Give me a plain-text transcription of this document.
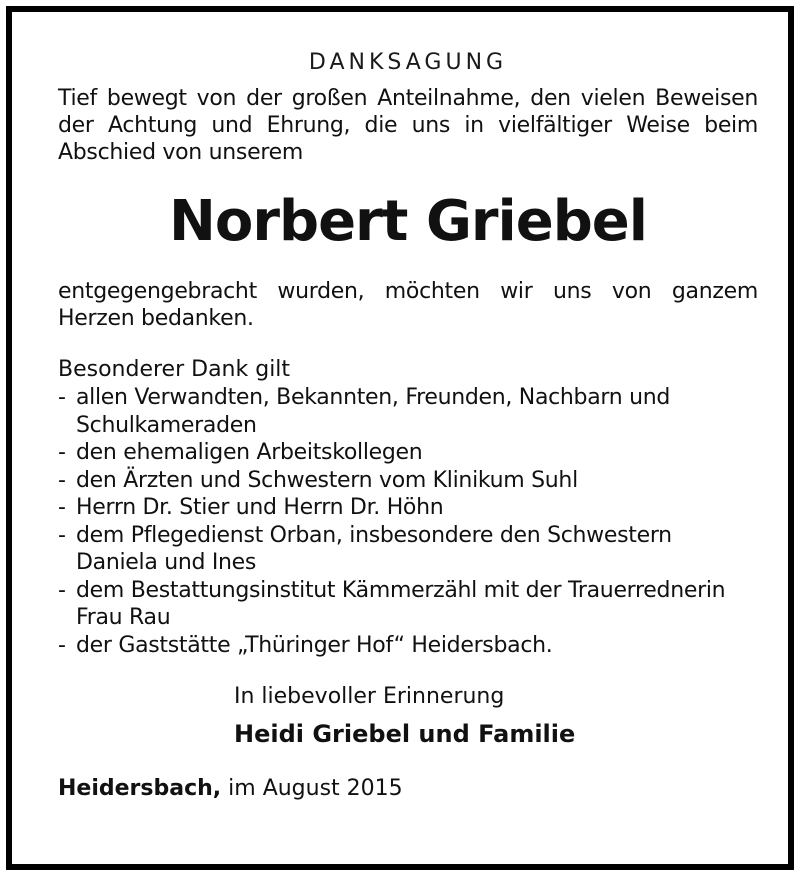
DANKSAGUNG

Tief bewegt von der großen Anteilnahme, den vielen Beweisen der Achtung und Ehrung, die uns in vielfältiger Weise beim Abschied von unserem

Norbert Griebel

entgegengebracht wurden, möchten wir uns von ganzem Herzen bedanken.

Besonderer Dank gilt
- allen Verwandten, Bekannten, Freunden, Nachbarn und Schulkameraden
- den ehemaligen Arbeitskollegen
- den Ärzten und Schwestern vom Klinikum Suhl
- Herrn Dr. Stier und Herrn Dr. Höhn
- dem Pflegedienst Orban, insbesondere den Schwestern Daniela und Ines
- dem Bestattungsinstitut Kämmerzähl mit der Trauerrednerin Frau Rau
- der Gaststätte „Thüringer Hof“ Heidersbach.
In liebevoller Erinnerung
Heidi Griebel und Familie
Heidersbach, im August 2015
